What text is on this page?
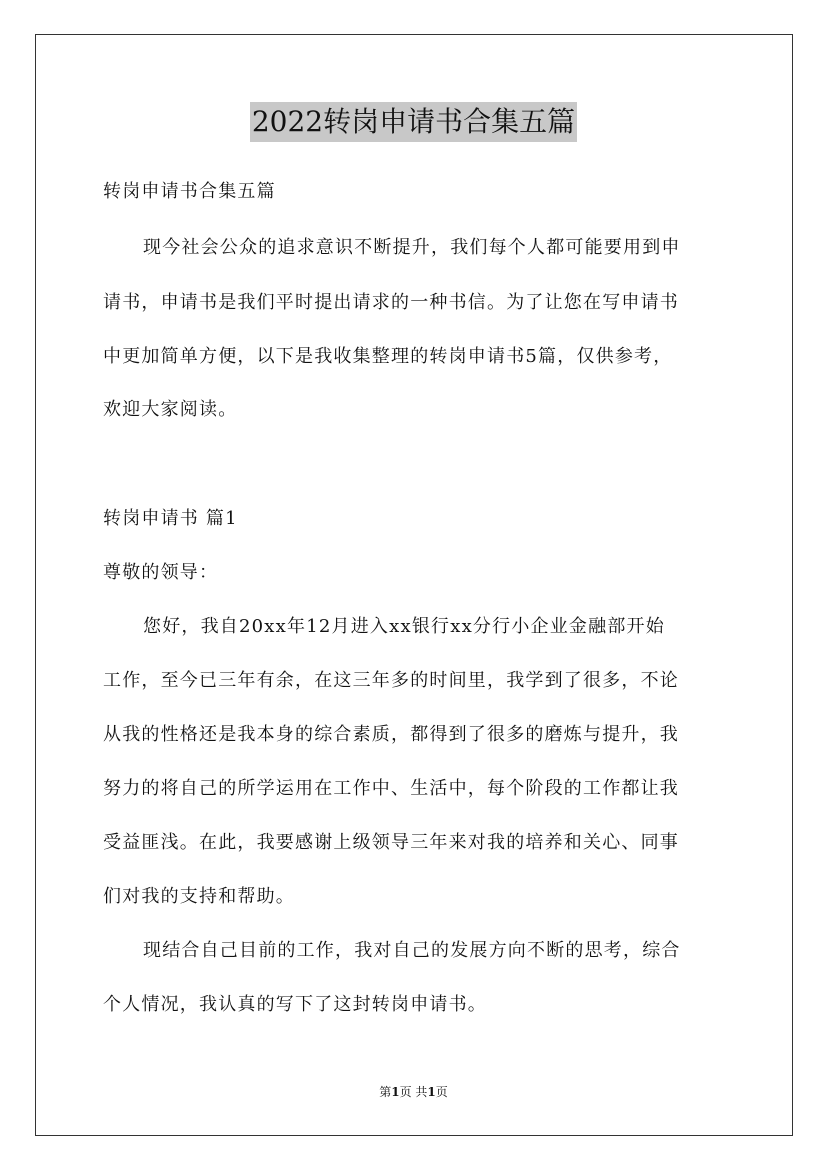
2022转岗申请书合集五篇
转岗申请书合集五篇
现今社会公众的追求意识不断提升，我们每个人都可能要用到申
请书，申请书是我们平时提出请求的一种书信。为了让您在写申请书
中更加简单方便，以下是我收集整理的转岗申请书5篇，仅供参考，
欢迎大家阅读。
转岗申请书 篇1
尊敬的领导：
您好，我自20xx年12月进入xx银行xx分行小企业金融部开始
工作，至今已三年有余，在这三年多的时间里，我学到了很多，不论
从我的性格还是我本身的综合素质，都得到了很多的磨炼与提升，我
努力的将自己的所学运用在工作中、生活中，每个阶段的工作都让我
受益匪浅。在此，我要感谢上级领导三年来对我的培养和关心、同事
们对我的支持和帮助。
现结合自己目前的工作，我对自己的发展方向不断的思考，综合
个人情况，我认真的写下了这封转岗申请书。
第1页 共1页
